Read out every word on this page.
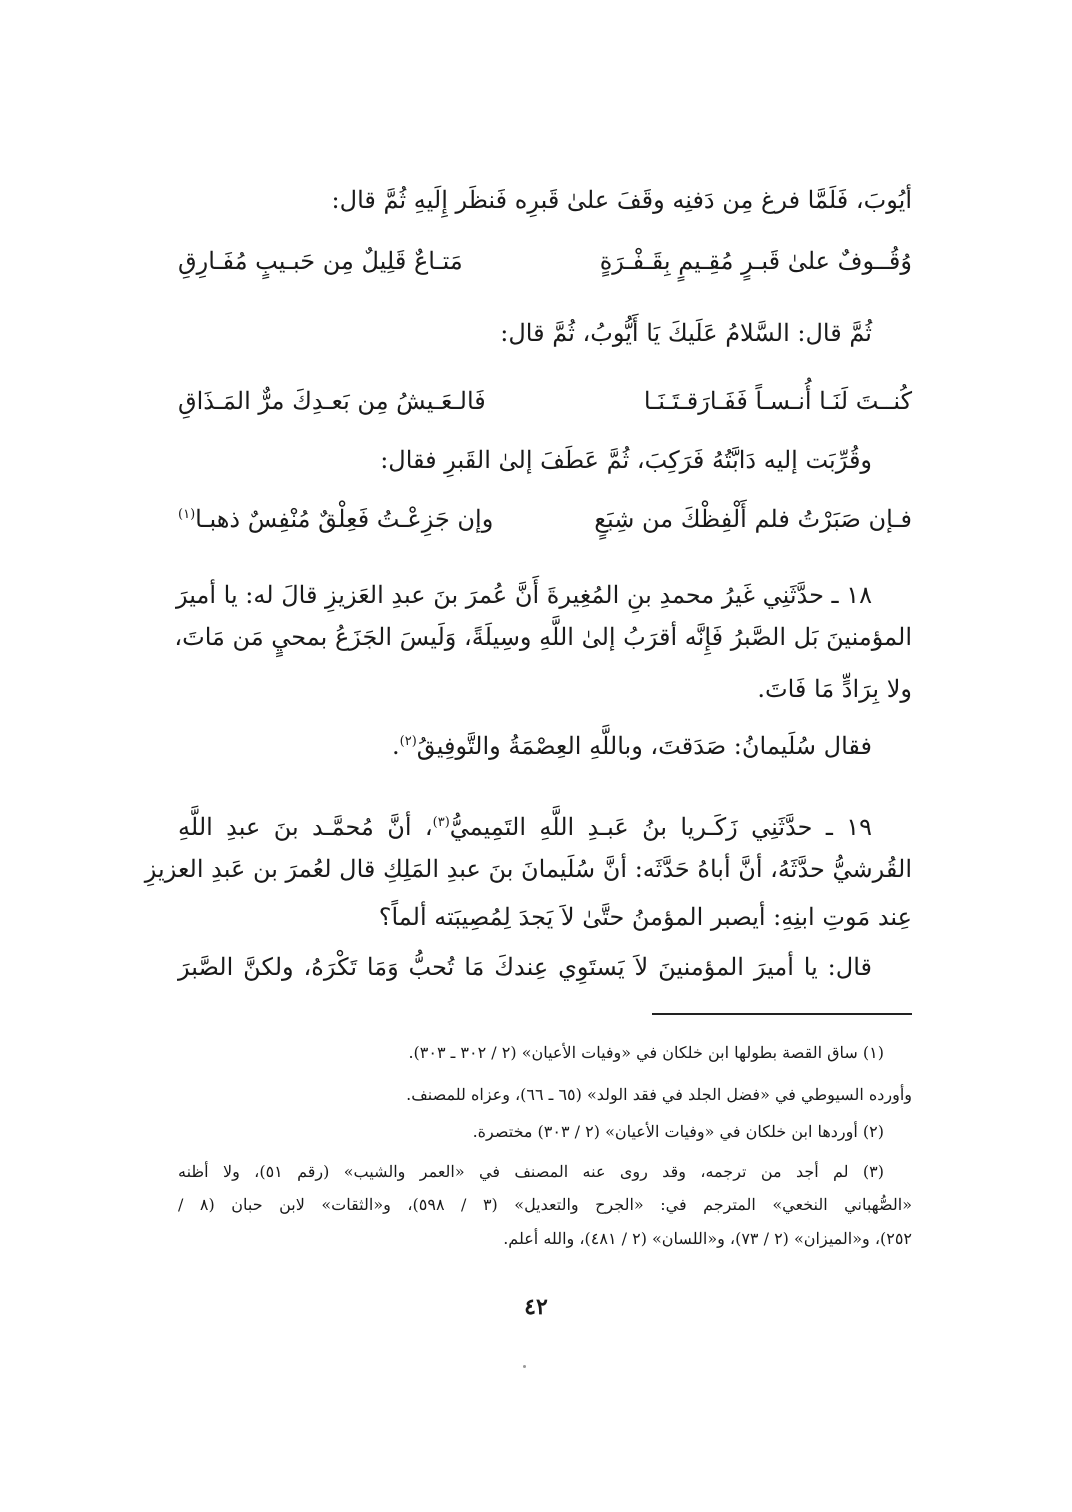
أيُوبَ، فَلَمَّا فرغ مِن دَفنِه وقَفَ علىٰ قَبرِه فَنظَر إِلَيهِ ثُمَّ قال:
وُقُــوفٌ علىٰ قَبـرٍ مُقِـيمٍ بِقَـفْـرَةٍ
مَتـاعٌ قَلِيلٌ مِن حَبـيبٍ مُفَـارِقِ
ثُمَّ قال: السَّلامُ عَلَيكَ يَا أَيُّوبُ، ثُمَّ قال:
كُنــتَ لَنَـا أُنـسـاً فَفَـارَقـتَـنَـا
فَالـعَـيشُ مِن بَعـدِكَ مرٌّ المَـذَاقِ
وقُرِّبَت إليه دَابَّتُهُ فَرَكِبَ، ثُمَّ عَطَفَ إلىٰ القَبرِ فقال:
فـإن صَبَرْتُ فلم أَلْفِظْكَ من شِبَعٍ
وإن جَزِعْـتُ فَعِلْقٌ مُنْفِسٌ ذهبـا$^{(١)}$
١٨ ـ حدَّثَنِي غَيرُ محمدِ بنِ المُغِيرةَ أَنَّ عُمرَ بنَ عبدِ العَزيزِ قالَ له: يا أميرَ
المؤمنينَ بَل الصَّبرُ فَإِنَّه أقرَبُ إلىٰ اللَّهِ وسِيلَةً، وَلَيسَ الجَزَعُ بمحيٍ مَن مَاتَ،
ولا بِرَادٍّ مَا فَاتَ.
فقال سُلَيمانُ: صَدَقتَ، وباللَّهِ العِصْمَةُ والتَّوفِيقُ$^{(٢)}$.
١٩ ـ حدَّثَنِي زَكَـريا بنُ عَبـدِ اللَّهِ التَمِيميُّ$^{(٣)}$، أنَّ مُحمَّـد بنَ عبدِ اللَّهِ
القُرشيُّ حدَّثَهُ، أنَّ أباهُ حَدَّثَه: أنَّ سُلَيمانَ بنَ عبدِ المَلِكِ قال لعُمرَ بن عَبدِ العزيزِ
عِند مَوتِ ابنِهِ: أيصبر المؤمنُ حتَّىٰ لاَ يَجدَ لِمُصِيبَته ألماً؟
قال: يا أميرَ المؤمنينَ لاَ يَستَوِي عِندكَ مَا تُحبُّ وَمَا تَكْرَهُ، ولكنَّ الصَّبرَ
(١) ساق القصة بطولها ابن خلكان في «وفيات الأعيان» (٢ / ٣٠٢ ـ ٣٠٣).
وأورده السيوطي في «فضل الجلد في فقد الولد» (٦٥ ـ ٦٦)، وعزاه للمصنف.
(٢) أوردها ابن خلكان في «وفيات الأعيان» (٢ / ٣٠٣) مختصرة.
(٣) لم أجد من ترجمه، وقد روى عنه المصنف في «العمر والشيب» (رقم ٥١)، ولا أظنه
«الصُّهباني النخعي» المترجم في: «الجرح والتعديل» (٣ / ٥٩٨)، و«الثقات» لابن حبان (٨ /
٢٥٢)، و«الميزان» (٢ / ٧٣)، و«اللسان» (٢ / ٤٨١)، والله أعلم.
٤٢
